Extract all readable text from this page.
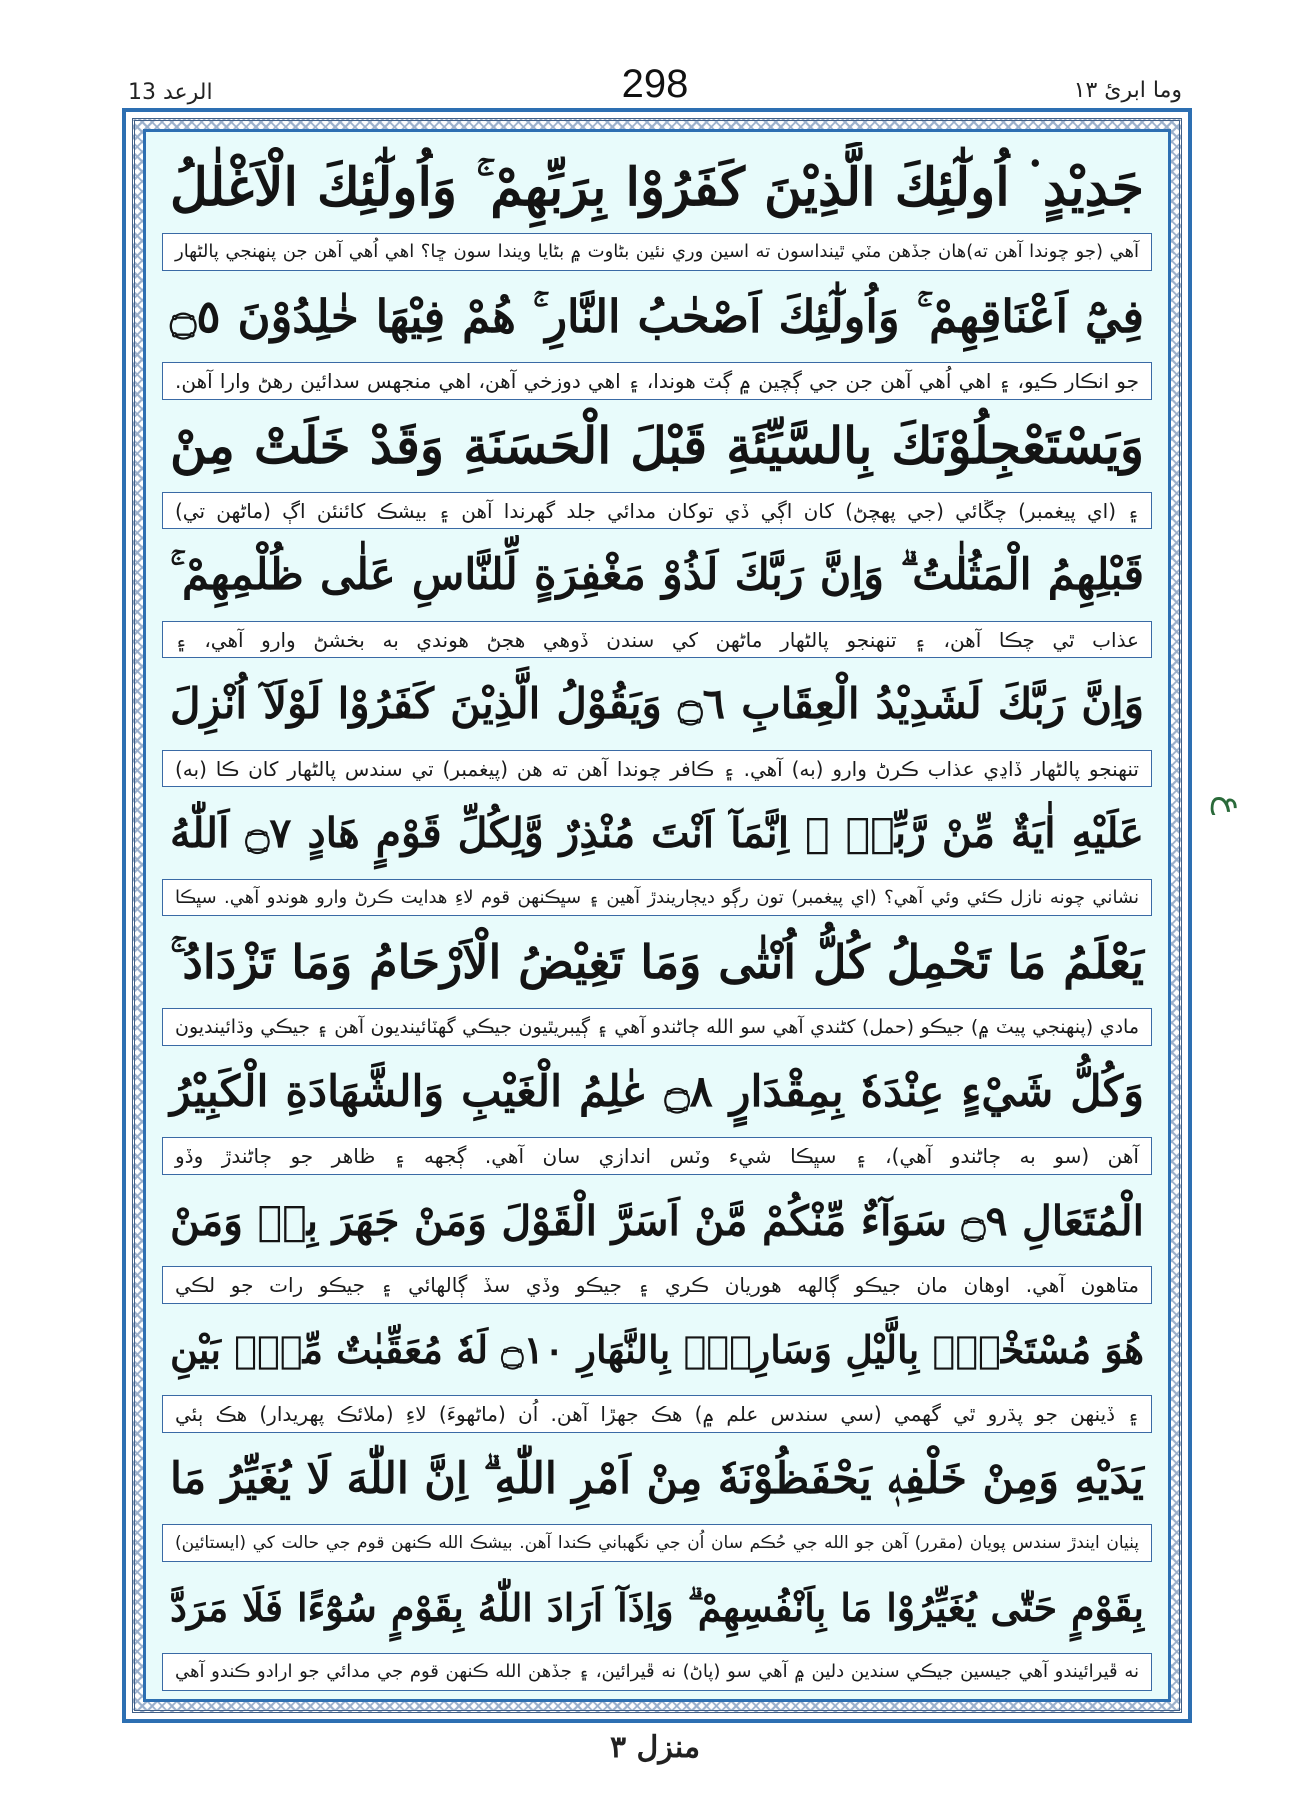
الرعد 13	298	وما ابرئ ١٣
جَدِيْدٍ ۬ اُولٰٓئِكَ الَّذِيْنَ كَفَرُوْا بِرَبِّهِمْ ۚ وَاُولٰٓئِكَ الْاَغْلٰلُ
آهي (جو چوندا آهن ته)هان جڏهن مٽي ٿينداسون ته اسين وري نئين بڻاوت ۾ بڻايا ويندا سون ڇا؟ اهي اُهي آهن جن پنهنجي پالڻهار
فِيْٓ اَعْنَاقِهِمْ ۚ وَاُولٰٓئِكَ اَصْحٰبُ النَّارِ ۚ هُمْ فِيْهَا خٰلِدُوْنَ ۝٥
جو انڪار ڪيو، ۽ اهي اُهي آهن جن جي ڳچين ۾ ڳٽ هوندا، ۽ اهي دوزخي آهن، اهي منجهس سدائين رهڻ وارا آهن.
وَيَسْتَعْجِلُوْنَكَ بِالسَّيِّئَةِ قَبْلَ الْحَسَنَةِ وَقَدْ خَلَتْ مِنْ
۽ (اي پيغمبر) چڱائي (جي پهچڻ) کان اڳي ڏي توکان مدائي جلد گهرندا آهن ۽ بيشڪ کائنئن اڳ (ماڻهن تي)
قَبْلِهِمُ الْمَثُلٰتُ ۗ وَاِنَّ رَبَّكَ لَذُوْ مَغْفِرَةٍ لِّلنَّاسِ عَلٰى ظُلْمِهِمْ ۚ
عذاب ٿي چڪا آهن، ۽ تنهنجو پالڻهار ماڻهن کي سندن ڏوهي هجڻ هوندي به بخشڻ وارو آهي، ۽
وَاِنَّ رَبَّكَ لَشَدِيْدُ الْعِقَابِ ۝٦ وَيَقُوْلُ الَّذِيْنَ كَفَرُوْا لَوْلَآ اُنْزِلَ
تنهنجو پالڻهار ڏاڍي عذاب ڪرڻ وارو (به) آهي. ۽ ڪافر چوندا آهن ته هن (پيغمبر) تي سندس پالڻهار کان ڪا (به)
عَلَيْهِ اٰيَةٌ مِّنْ رَّبِّهٖ ۗ اِنَّمَآ اَنْتَ مُنْذِرٌ وَّلِكُلِّ قَوْمٍ هَادٍ ۝٧ اَللّٰهُ
نشاني چونه نازل ڪئي وئي آهي؟ (اي پيغمبر) تون رڳو ديڄاريندڙ آهين ۽ سڀڪنهن قوم لاءِ هدايت ڪرڻ وارو هوندو آهي. سڀڪا
يَعْلَمُ مَا تَحْمِلُ كُلُّ اُنْثٰى وَمَا تَغِيْضُ الْاَرْحَامُ وَمَا تَزْدَادُ ۚ
مادي (پنهنجي پيٽ ۾) جيڪو (حمل) کڻندي آهي سو الله ڄاڻندو آهي ۽ ڳيبريٿيون جيڪي گهٽائينديون آهن ۽ جيڪي وڌائينديون
وَكُلُّ شَيْءٍ عِنْدَهٗ بِمِقْدَارٍ ۝٨ عٰلِمُ الْغَيْبِ وَالشَّهَادَةِ الْكَبِيْرُ
آهن (سو به ڄاڻندو آهي)، ۽ سڀڪا شيء وٽس اندازي سان آهي. ڳجهه ۽ ظاهر جو ڄاڻندڙ وڏو
الْمُتَعَالِ ۝٩ سَوَآءٌ مِّنْكُمْ مَّنْ اَسَرَّ الْقَوْلَ وَمَنْ جَهَرَ بِهٖ وَمَنْ
متاهون آهي. اوهان مان جيڪو ڳالهه هوريان ڪري ۽ جيڪو وڏي سڏ ڳالهائي ۽ جيڪو رات جو لڪي
هُوَ مُسْتَخْفٍۢ بِالَّيْلِ وَسَارِبٌۢ بِالنَّهَارِ ۝١٠ لَهٗ مُعَقِّبٰتٌ مِّنْۢ بَيْنِ
۽ ڏينهن جو پڌرو ٿي گهمي (سي سندس علم ۾) هڪ جهڙا آهن. اُن (ماڻهوءَ) لاءِ (ملائڪ پهريدار) هڪ ٻئي
يَدَيْهِ وَمِنْ خَلْفِهٖ يَحْفَظُوْنَهٗ مِنْ اَمْرِ اللّٰهِ ۗ اِنَّ اللّٰهَ لَا يُغَيِّرُ مَا
پٺيان ايندڙ سندس پويان (مقرر) آهن جو الله جي حُڪم سان اُن جي نگهباني ڪندا آهن. بيشڪ الله ڪنهن قوم جي حالت کي (ايستائين)
بِقَوْمٍ حَتّٰى يُغَيِّرُوْا مَا بِاَنْفُسِهِمْ ۗ وَاِذَآ اَرَادَ اللّٰهُ بِقَوْمٍ سُوْٓءًا فَلَا مَرَدَّ
نه ڦيرائيندو آهي جيسين جيڪي سندين دلين ۾ آهي سو (پاڻ) نه ڦيرائين، ۽ جڏهن الله ڪنهن قوم جي مدائي جو ارادو ڪندو آهي
ع
منزل ٣
